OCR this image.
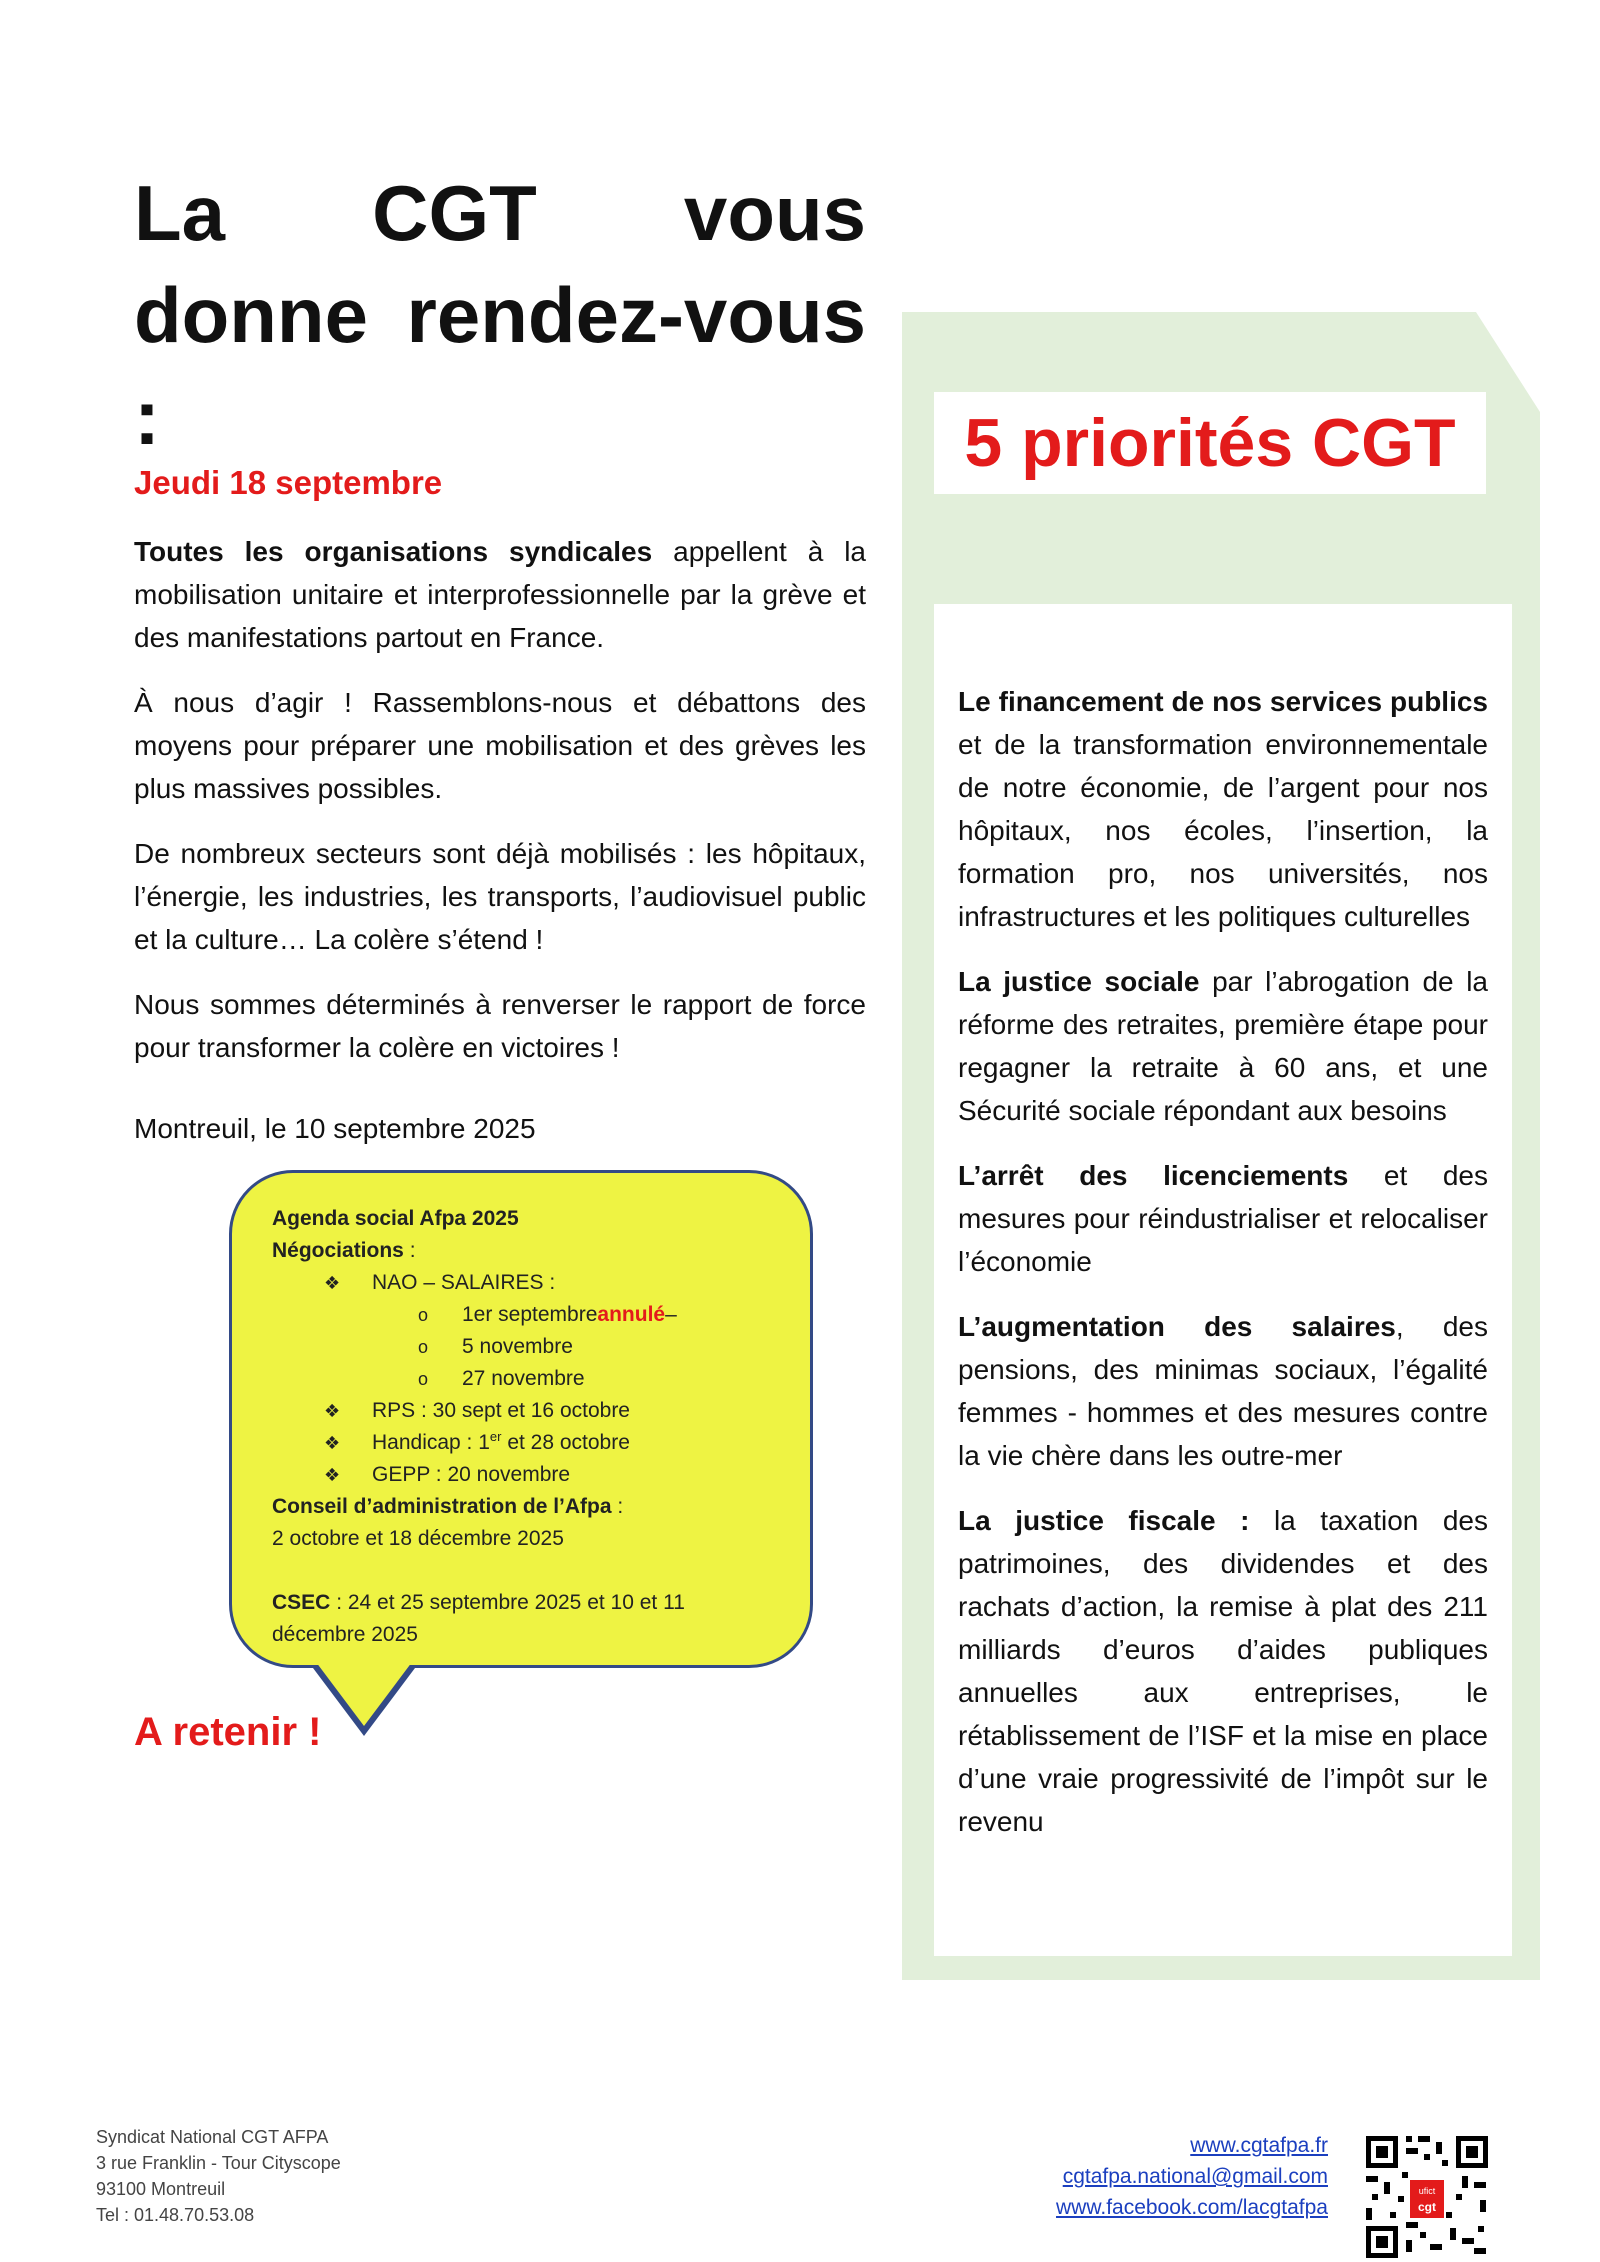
La CGT vous donne rendez-vous :
Jeudi 18 septembre

Toutes les organisations syndicales appellent à la mobilisation unitaire et interprofessionnelle par la grève et des manifestations partout en France.

À nous d’agir ! Rassemblons-nous et débattons des moyens pour préparer une mobilisation et des grèves les plus massives possibles.

De nombreux secteurs sont déjà mobilisés : les hôpitaux, l’énergie, les industries, les transports, l’audiovisuel public et la culture… La colère s’étend !

Nous sommes déterminés à renverser le rapport de force pour transformer la colère en victoires !

Montreuil, le 10 septembre 2025

Agenda social Afpa 2025
Négociations :
❖	NAO – SALAIRES :
o	1er septembre annulé –
o	5 novembre
o	27 novembre
❖	RPS : 30 sept et 16 octobre
❖	Handicap : 1er et 28 octobre
❖	GEPP : 20 novembre
Conseil d’administration de l’Afpa :
2 octobre et 18 décembre 2025
CSEC : 24 et 25 septembre 2025 et 10 et 11 décembre 2025
A retenir !
5 priorités CGT

Le financement de nos services publics et de la transformation environnementale de notre économie, de l’argent pour nos hôpitaux, nos écoles, l’insertion, la formation pro, nos universités, nos infrastructures et les politiques culturelles

La justice sociale par l’abrogation de la réforme des retraites, première étape pour regagner la retraite à 60 ans, et une Sécurité sociale répondant aux besoins

L’arrêt des licenciements et des mesures pour réindustrialiser et relocaliser l’économie

L’augmentation des salaires, des pensions, des minimas sociaux, l’égalité femmes - hommes et des mesures contre la vie chère dans les outre-mer

La justice fiscale : la taxation des patrimoines, des dividendes et des rachats d’action, la remise à plat des 211 milliards d’euros d’aides publiques annuelles aux entreprises, le rétablissement de l’ISF et la mise en place d’une vraie progressivité de l’impôt sur le revenu

Syndicat National CGT AFPA
3 rue Franklin - Tour Cityscope
93100 Montreuil
Tel : 01.48.70.53.08
www.cgtafpa.fr
cgtafpa.national@gmail.com
www.facebook.com/lacgtafpa
ufict
cgt
